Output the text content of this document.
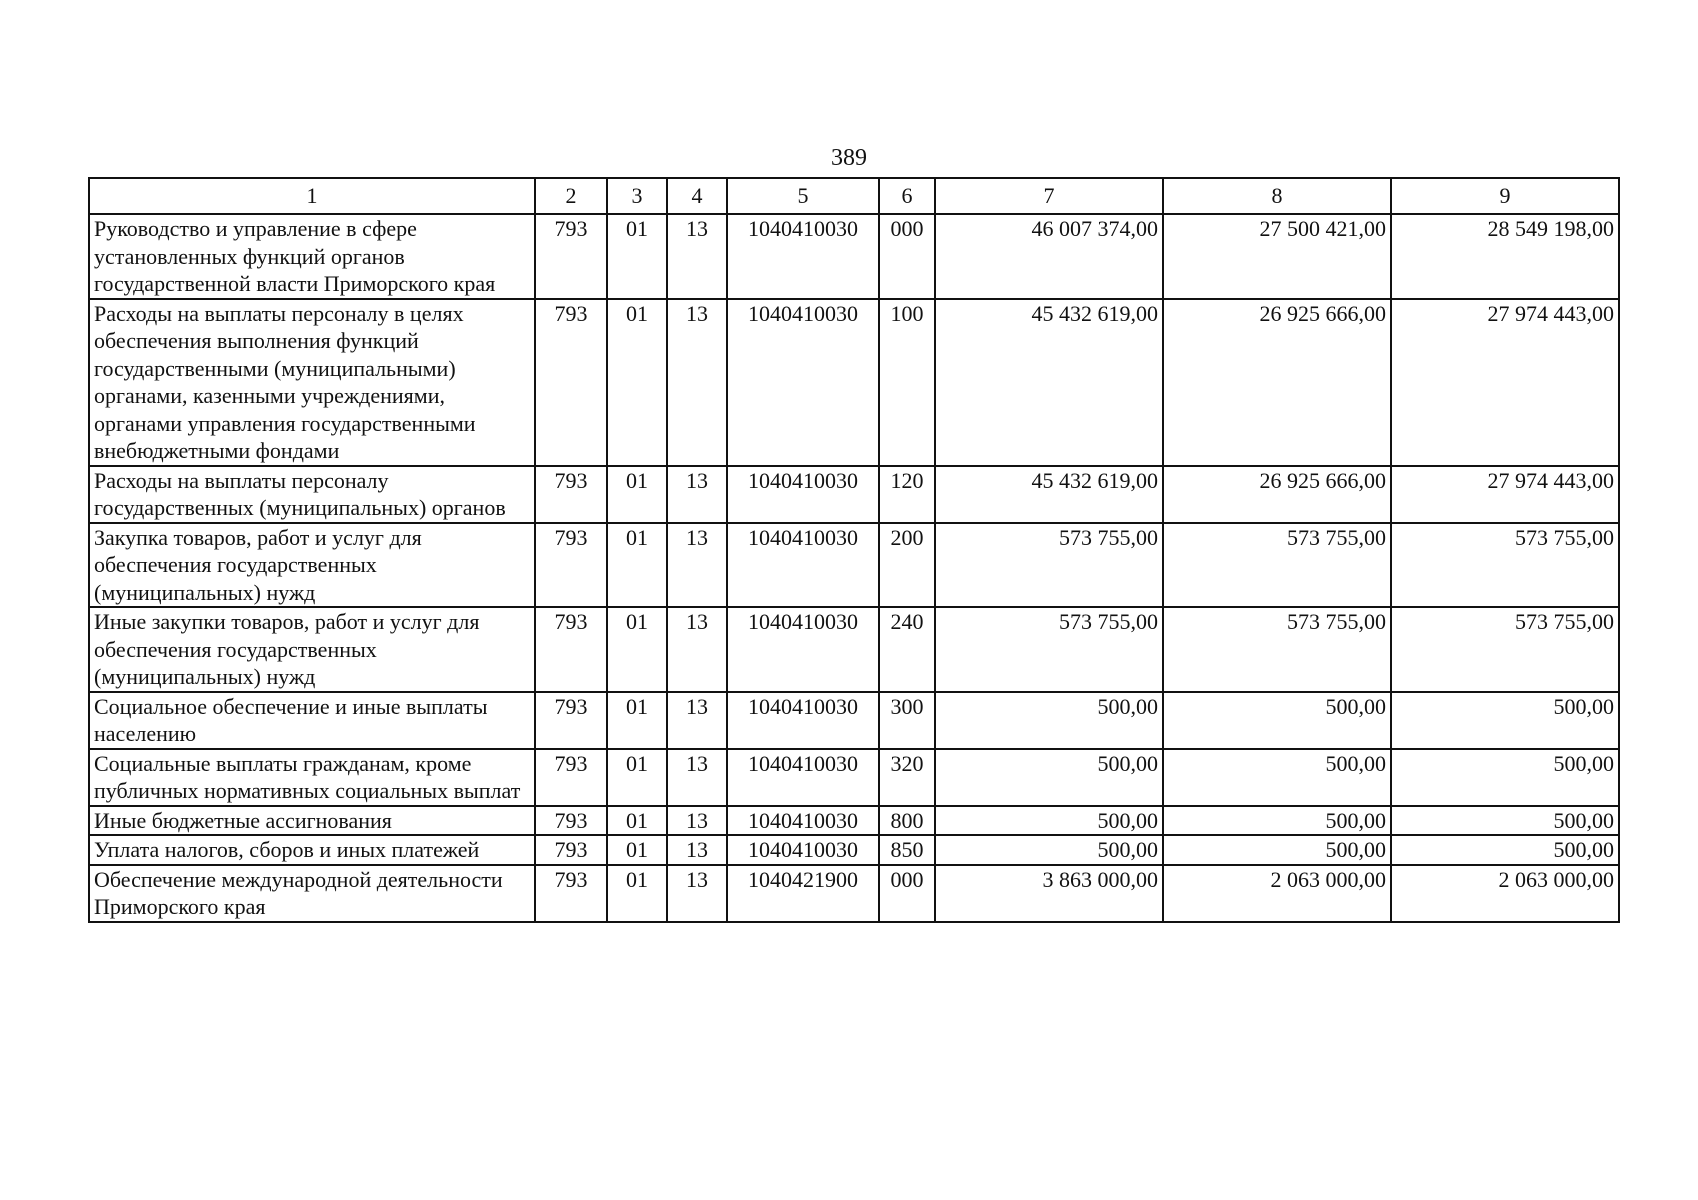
389
1	2	3	4	5	6	7	8	9
Руководство и управление в сфере установленных функций органов государственной власти Приморского края	793	01	13	1040410030	000	46 007 374,00	27 500 421,00	28 549 198,00
Расходы на выплаты персоналу в целях обеспечения выполнения функций государственными (муниципальными) органами, казенными учреждениями, органами управления государственными внебюджетными фондами	793	01	13	1040410030	100	45 432 619,00	26 925 666,00	27 974 443,00
Расходы на выплаты персоналу государственных (муниципальных) органов	793	01	13	1040410030	120	45 432 619,00	26 925 666,00	27 974 443,00
Закупка товаров, работ и услуг для обеспечения государственных (муниципальных) нужд	793	01	13	1040410030	200	573 755,00	573 755,00	573 755,00
Иные закупки товаров, работ и услуг для обеспечения государственных (муниципальных) нужд	793	01	13	1040410030	240	573 755,00	573 755,00	573 755,00
Социальное обеспечение и иные выплаты населению	793	01	13	1040410030	300	500,00	500,00	500,00
Социальные выплаты гражданам, кроме публичных нормативных социальных выплат	793	01	13	1040410030	320	500,00	500,00	500,00
Иные бюджетные ассигнования	793	01	13	1040410030	800	500,00	500,00	500,00
Уплата налогов, сборов и иных платежей	793	01	13	1040410030	850	500,00	500,00	500,00
Обеспечение международной деятельности Приморского края	793	01	13	1040421900	000	3 863 000,00	2 063 000,00	2 063 000,00
